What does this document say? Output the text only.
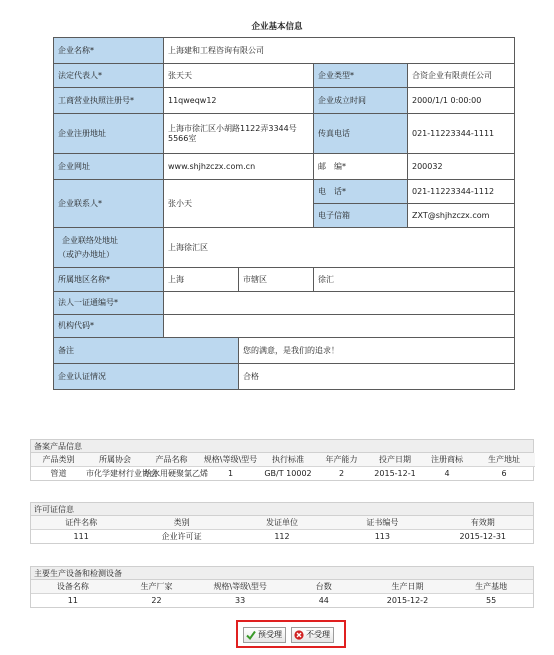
企业基本信息
企业名称*	上海建和工程咨询有限公司			
法定代表人*	张天天		企业类型*	合资企业有限责任公司
工商营业执照注册号*	11qweqw12		企业成立时间	2000/1/1 0:00:00
企业注册地址	上海市徐汇区小胡路1122弄3344号5566室		传真电话	021-11223344-1111
企业网址	www.shjhzczx.com.cn		邮　编*	200032
企业联系人*	张小天		电　话*	021-11223344-1112
			电子信箱	ZXT@shjhzczx.com

企业联络处地址
（或沪办地址）	上海徐汇区			
所属地区名称*	上海	市辖区	徐汇	
法人一证通编号*				
机构代码*				
备注		您的满意，是我们的追求！		
企业认证情况		合格		
备案产品信息
产品类别	所属协会	产品名称	规格\等级\型号	执行标准	年产能力	投产日期	注册商标	生产地址
管道	市化学建材行业协会	给水用硬聚氯乙烯	1	GB/T 10002	2	2015-12-1	4	6
许可证信息
证件名称	类别	发证单位	证书编号	有效期
111	企业许可证	112	113	2015-12-31
主要生产设备和检测设备
设备名称	生产厂家	规格\等级\型号	台数	生产日期	生产基地
11	22	33	44	2015-12-2	55
预受理	不受理
